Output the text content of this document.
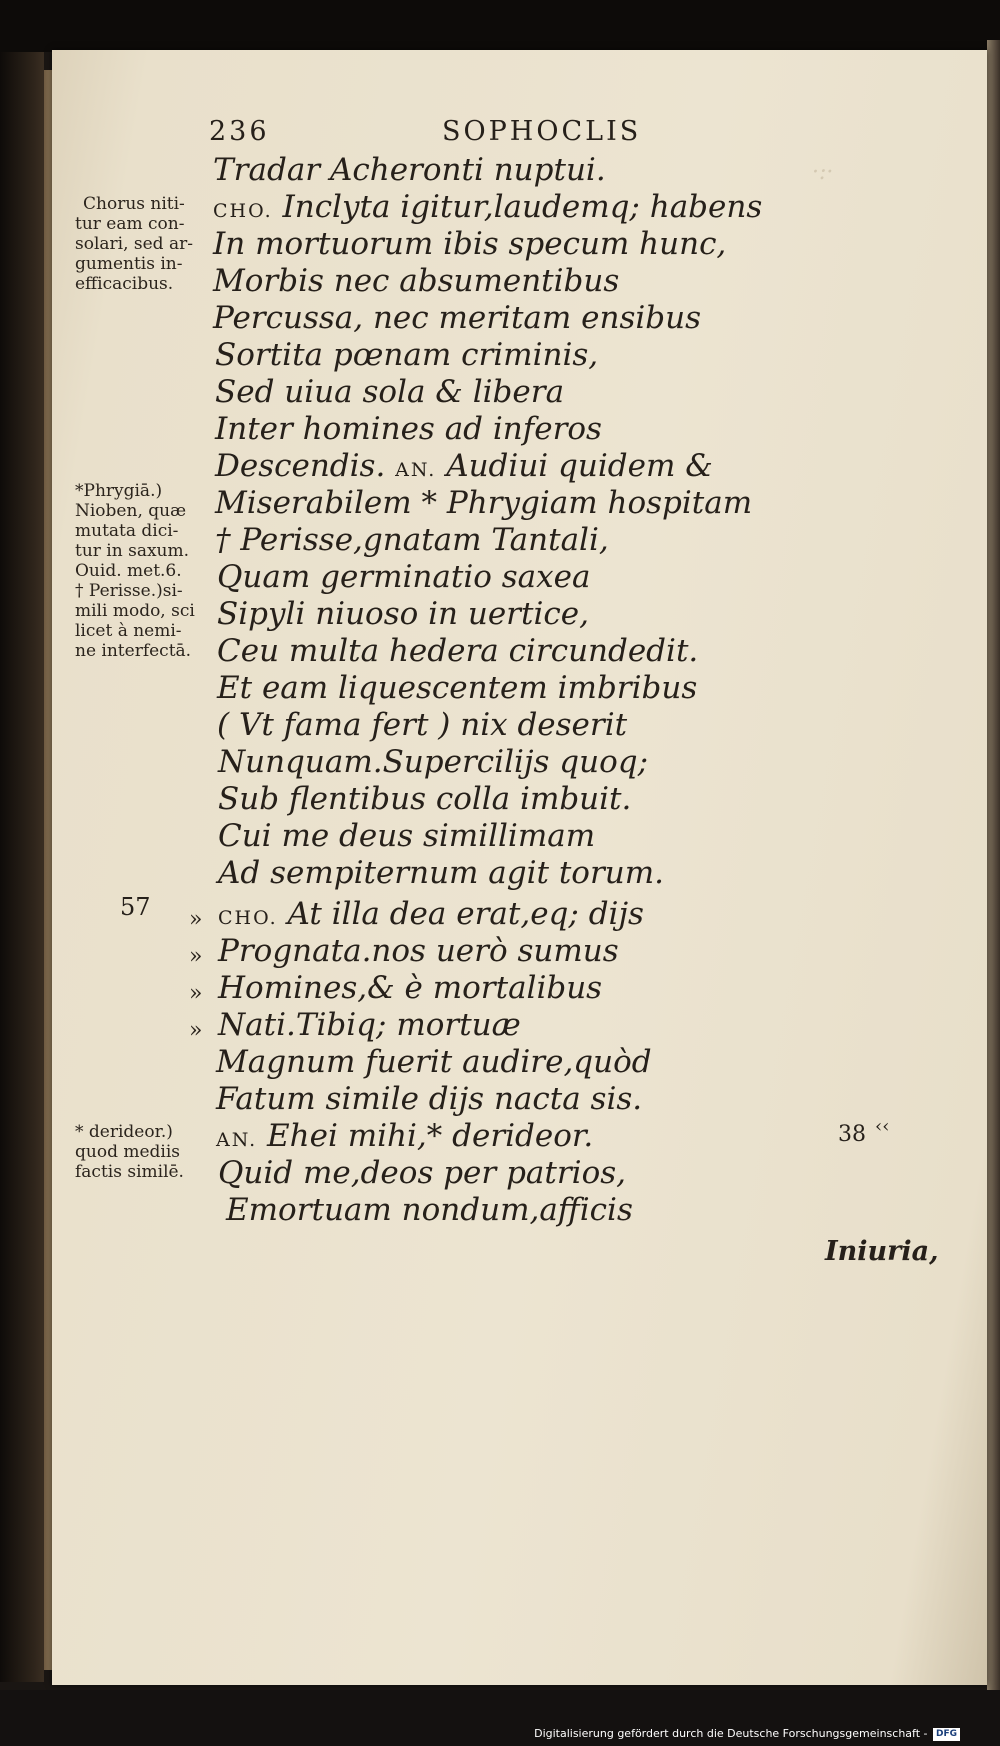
236	SOPHOCLIS
Tradar Acheronti nuptui.
CHO. Inclyta igitur,laudemq; habens
In mortuorum ibis specum hunc,
Morbis nec absumentibus
Percussa, nec meritam ensibus
Sortita pœnam criminis,
Sed uiua sola & libera
Inter homines ad inferos
Descendis. AN. Audiui quidem &
Miserabilem * Phrygiam hospitam
† Perisse,gnatam Tantali,
Quam germinatio saxea
Sipyli niuoso in uertice,
Ceu multa hedera circundedit.
Et eam liquescentem imbribus
( Vt fama fert ) nix deserit
Nunquam.Supercilijs quoq;
Sub flentibus colla imbuit.
Cui me deus simillimam
Ad sempiternum agit torum.
» CHO. At illa dea erat,eq; dijs
» Prognata.nos uerò sumus
» Homines,& è mortalibus
» Nati.Tibiq; mortuæ
Magnum fuerit audire,quòd
Fatum simile dijs nacta sis.
AN. Ehei mihi,* derideor.
Quid me,deos per patrios,
Emortuam nondum,afficis
Iniuria,
57
38 ‹‹
Chorus niti-
tur eam con-
solari, sed ar-
gumentis in-
efficacibus.
*Phrygiā.)
Nioben, quæ
mutata dici-
tur in saxum.
Ouid. met.6.
† Perisse.)si-
mili modo, sci
licet à nemi-
ne interfectā.
* derideor.)
quod mediis
factis similē.
·:·
Digitalisierung gefördert durch die Deutsche Forschungsgemeinschaft - DFG
